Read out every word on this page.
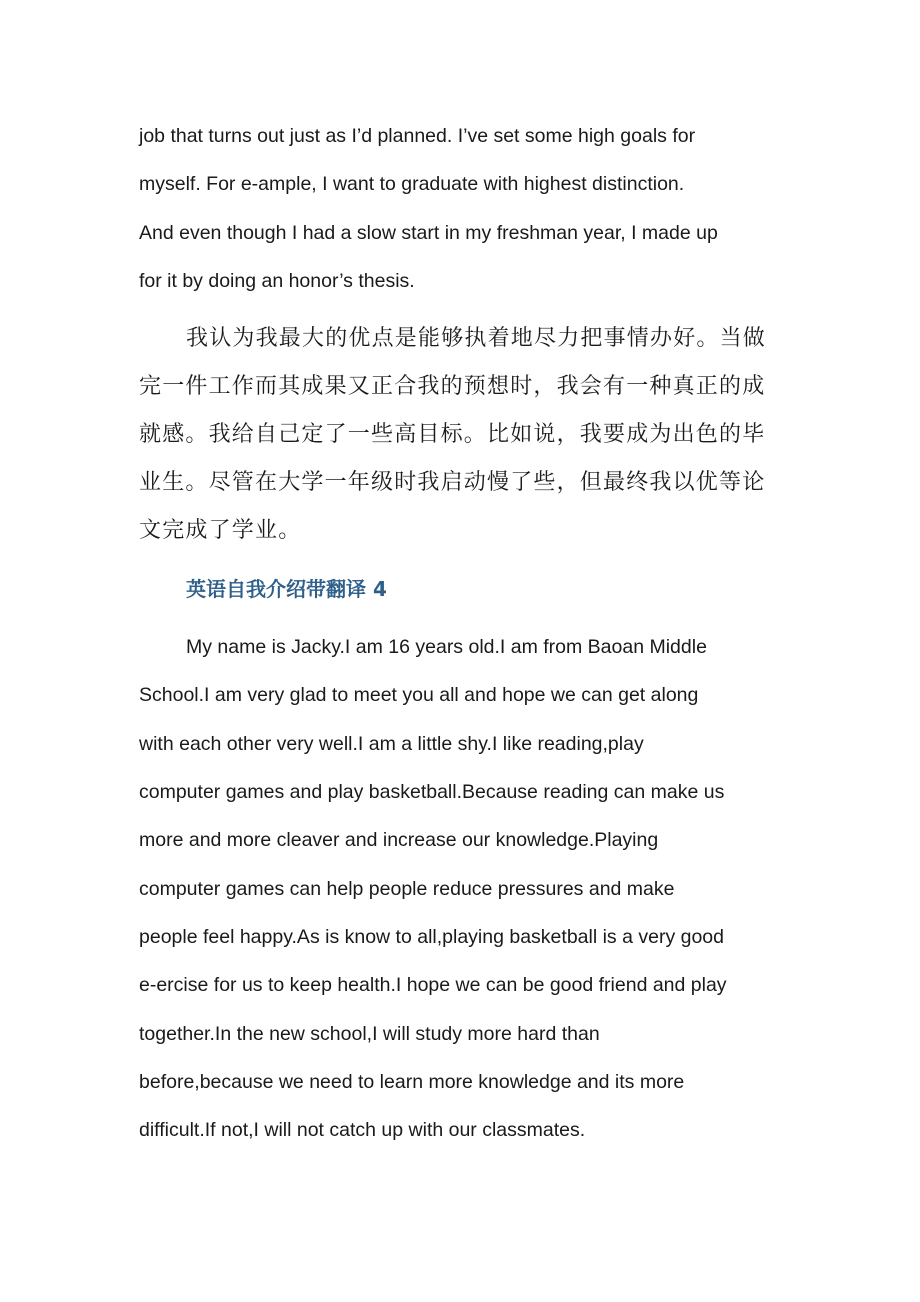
job that turns out just as I’d planned. I’ve set some high goals for
myself. For e-ample, I want to graduate with highest distinction.
And even though I had a slow start in my freshman year, I made up
for it by doing an honor’s thesis.

我认为我最大的优点是能够执着地尽力把事情办好。当做
完一件工作而其成果又正合我的预想时，我会有一种真正的成
就感。我给自己定了一些高目标。比如说，我要成为出色的毕
业生。尽管在大学一年级时我启动慢了些，但最终我以优等论
文完成了学业。

英语自我介绍带翻译 4

My name is Jacky.I am 16 years old.I am from Baoan Middle
School.I am very glad to meet you all and hope we can get along
with each other very well.I am a little shy.I like reading,play
computer games and play basketball.Because reading can make us
more and more cleaver and increase our knowledge.Playing
computer games can help people reduce pressures and make
people feel happy.As is know to all,playing basketball is a very good
e-ercise for us to keep health.I hope we can be good friend and play
together.In the new school,I will study more hard than
before,because we need to learn more knowledge and its more
difficult.If not,I will not catch up with our classmates.
